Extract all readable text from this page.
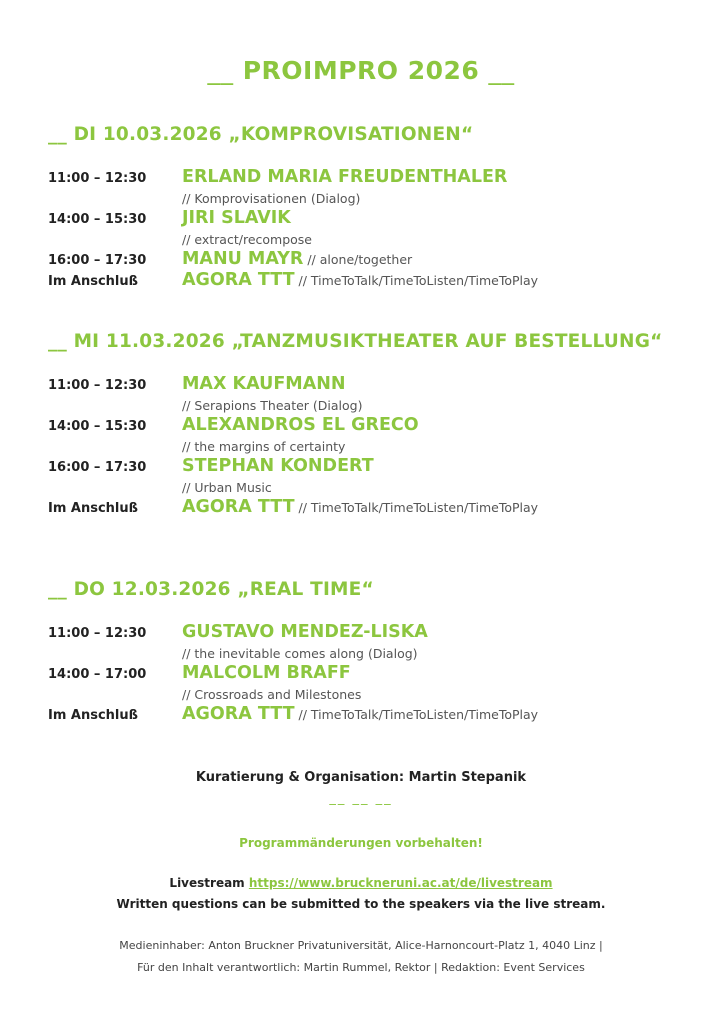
__ PROIMPRO 2026 __
__ DI 10.03.2026 „KOMPROVISATIONEN“
11:00 – 12:30 ERLAND MARIA FREUDENTHALER
// Komprovisationen (Dialog)
14:00 – 15:30 JIRI SLAVIK
// extract/recompose
16:00 – 17:30 MANU MAYR // alone/together
Im Anschluß	AGORA TTT // TimeToTalk/TimeToListen/TimeToPlay
__ MI 11.03.2026 „TANZMUSIKTHEATER AUF BESTELLUNG“
11:00 – 12:30 MAX KAUFMANN
// Serapions Theater (Dialog)
14:00 – 15:30 ALEXANDROS EL GRECO
// the margins of certainty
16:00 – 17:30 STEPHAN KONDERT
// Urban Music
Im Anschluß	AGORA TTT // TimeToTalk/TimeToListen/TimeToPlay
__ DO 12.03.2026 „REAL TIME“
11:00 – 12:30 GUSTAVO MENDEZ-LISKA
// the inevitable comes along (Dialog)
14:00 – 17:00 MALCOLM BRAFF
// Crossroads and Milestones
Im Anschluß	AGORA TTT // TimeToTalk/TimeToListen/TimeToPlay
Kuratierung & Organisation: Martin Stepanik
__ __ __
Programmänderungen vorbehalten!
Livestream https://www.bruckneruni.ac.at/de/livestream
Written questions can be submitted to the speakers via the live stream.
Medieninhaber: Anton Bruckner Privatuniversität, Alice-Harnoncourt-Platz 1, 4040 Linz |
Für den Inhalt verantwortlich: Martin Rummel, Rektor | Redaktion: Event Services
